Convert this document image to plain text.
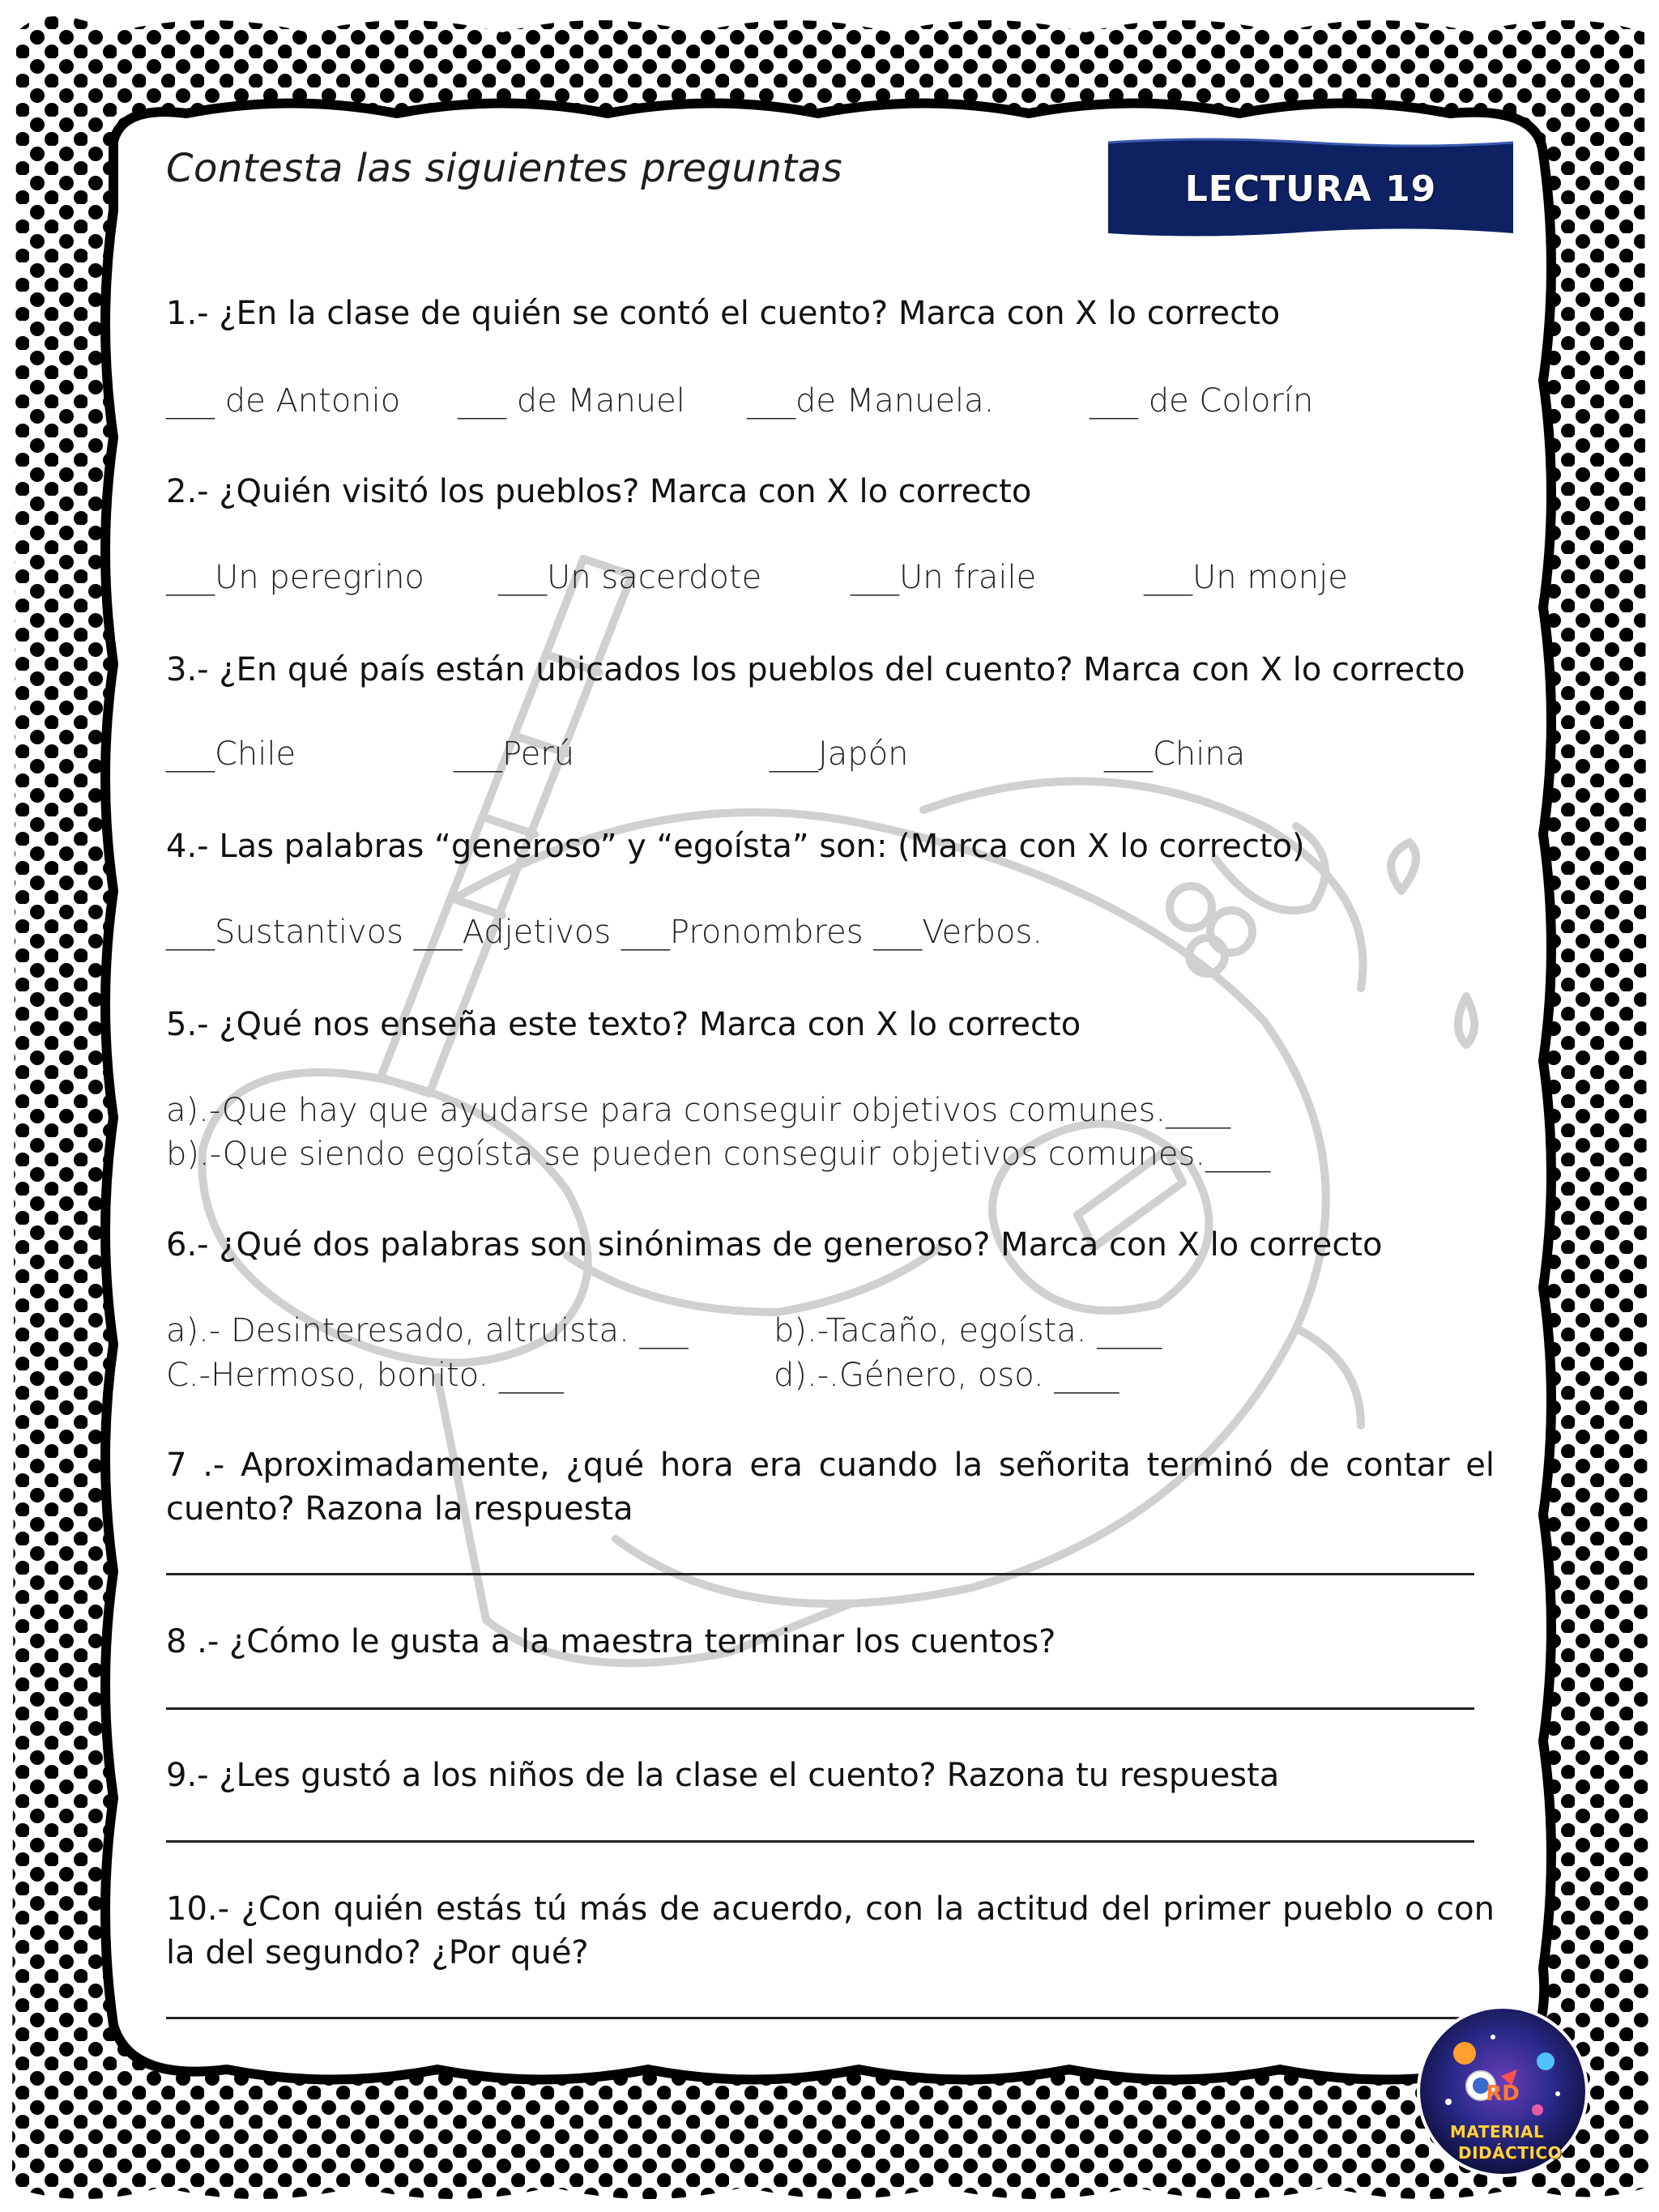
Contesta las siguientes preguntas	LECTURA 19
1.- ¿En la clase de quién se contó el cuento? Marca con X lo correcto
___ de Antonio ___ de Manuel ___de Manuela.	___ de Colorín
2.- ¿Quién visitó los pueblos? Marca con X lo correcto
___Un peregrino ___Un sacerdote	___Un fraile	___Un monje
3.- ¿En qué país están ubicados los pueblos del cuento? Marca con X lo correcto
___Chile	___Perú	___Japón	___China
4.- Las palabras “generoso” y “egoísta” son: (Marca con X lo correcto)
___Sustantivos ___Adjetivos ___Pronombres ___Verbos.
5.- ¿Qué nos enseña este texto? Marca con X lo correcto
a).-Que hay que ayudarse para conseguir objetivos comunes.____
b).-Que siendo egoísta se pueden conseguir objetivos comunes.____
6.- ¿Qué dos palabras son sinónimas de generoso? Marca con X lo correcto
a).- Desinteresado, altruista. ___	b).-Tacaño, egoísta. ____
C.-Hermoso, bonito. ____	d).-.Género, oso. ____
7 .- Aproximadamente, ¿qué hora era cuando la señorita terminó de contar el cuento? Razona la respuesta
8 .- ¿Cómo le gusta a la maestra terminar los cuentos?
9.- ¿Les gustó a los niños de la clase el cuento? Razona tu respuesta
10.- ¿Con quién estás tú más de acuerdo, con la actitud del primer pueblo o con la del segundo? ¿Por qué?
RD
MATERIAL
DIDÁCTICO
